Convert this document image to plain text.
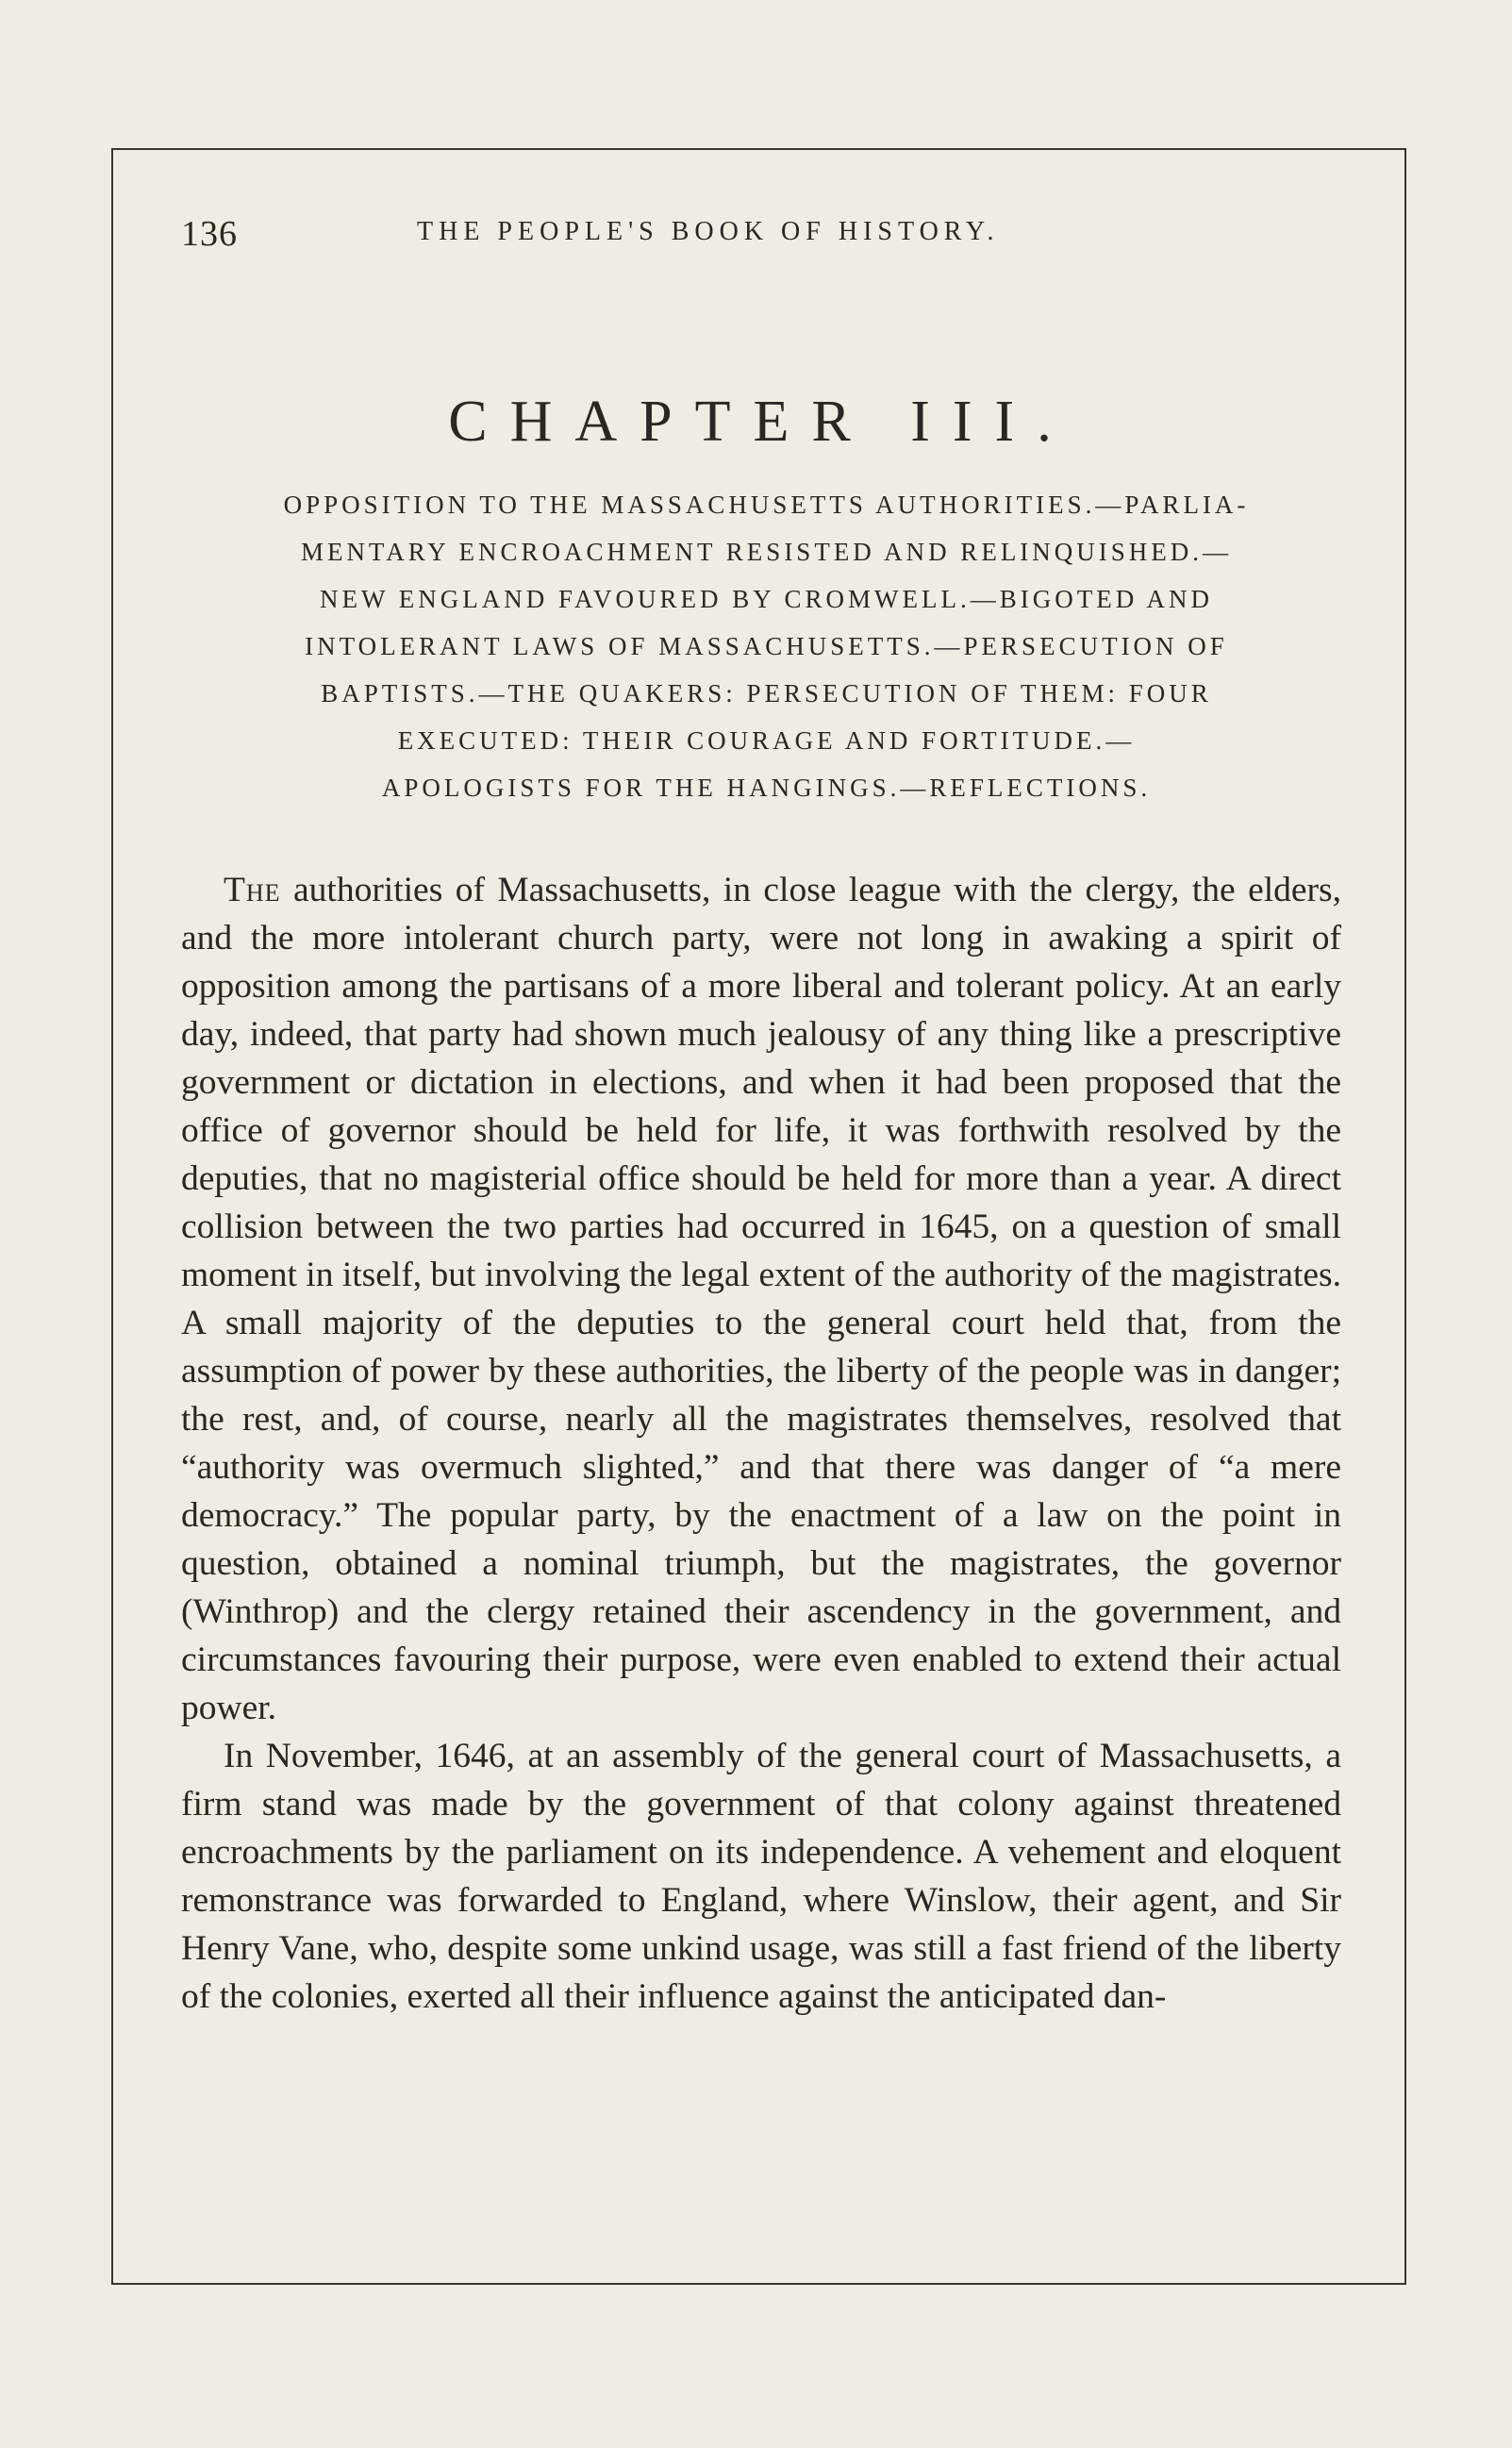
136	THE PEOPLE'S BOOK OF HISTORY.
CHAPTER III.
OPPOSITION TO THE MASSACHUSETTS AUTHORITIES.—PARLIA-
MENTARY ENCROACHMENT RESISTED AND RELINQUISHED.—
NEW ENGLAND FAVOURED BY CROMWELL.—BIGOTED AND
INTOLERANT LAWS OF MASSACHUSETTS.—PERSECUTION OF
BAPTISTS.—THE QUAKERS: PERSECUTION OF THEM: FOUR
EXECUTED: THEIR COURAGE AND FORTITUDE.—
APOLOGISTS FOR THE HANGINGS.—REFLECTIONS.

The authorities of Massachusetts, in close league with the clergy, the elders, and the more intolerant church party, were not long in awaking a spirit of opposition among the partisans of a more liberal and tolerant policy. At an early day, indeed, that party had shown much jealousy of any thing like a prescriptive government or dictation in elections, and when it had been proposed that the office of governor should be held for life, it was forthwith resolved by the deputies, that no magisterial office should be held for more than a year. A direct collision between the two parties had occurred in 1645, on a question of small moment in itself, but involving the legal extent of the authority of the magistrates. A small majority of the deputies to the general court held that, from the assumption of power by these authorities, the liberty of the people was in danger; the rest, and, of course, nearly all the magistrates themselves, resolved that “authority was overmuch slighted,” and that there was danger of “a mere democracy.” The popular party, by the enactment of a law on the point in question, obtained a nominal triumph, but the magistrates, the governor (Winthrop) and the clergy retained their ascendency in the government, and circumstances favouring their purpose, were even enabled to extend their actual power.

In November, 1646, at an assembly of the general court of Massachusetts, a firm stand was made by the government of that colony against threatened encroachments by the parliament on its independence. A vehement and eloquent remonstrance was forwarded to England, where Winslow, their agent, and Sir Henry Vane, who, despite some unkind usage, was still a fast friend of the liberty of the colonies, exerted all their influence against the anticipated dan-
